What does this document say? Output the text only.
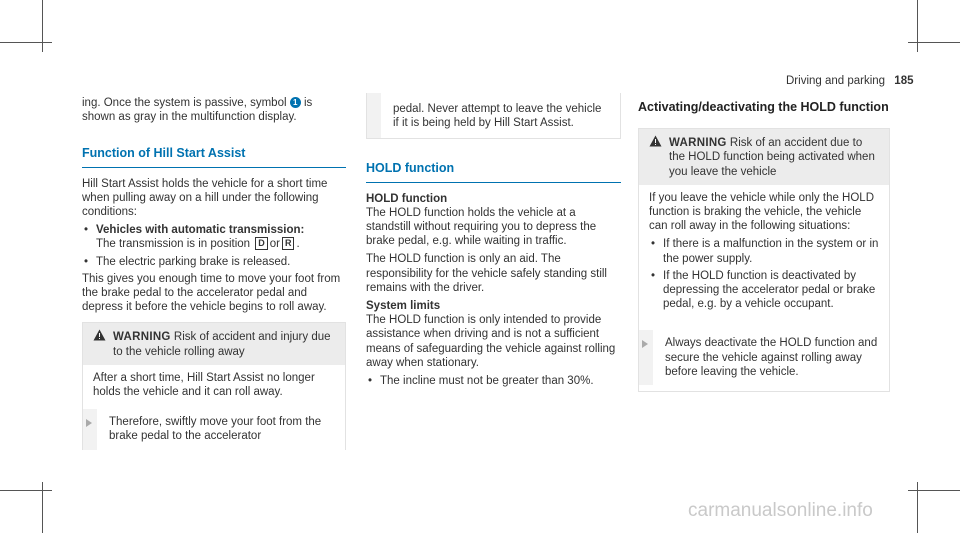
Driving and parking 185

ing. Once the system is passive, symbol 1 is shown as gray in the multifunction display.

Function of Hill Start Assist

Hill Start Assist holds the vehicle for a short time when pulling away on a hill under the following conditions:

• Vehicles with automatic transmission:
The transmission is in position D or R .
• The electric parking brake is released.

This gives you enough time to move your foot from the brake pedal to the accelerator pedal and depress it before the vehicle begins to roll away.

WARNING Risk of accident and injury due to the vehicle rolling away
After a short time, Hill Start Assist no longer holds the vehicle and it can roll away.
Therefore, swiftly move your foot from the brake pedal to the accelerator
pedal. Never attempt to leave the vehicle if it is being held by Hill Start Assist.
HOLD function

HOLD function

The HOLD function holds the vehicle at a standstill without requiring you to depress the brake pedal, e.g. while waiting in traffic.

The HOLD function is only an aid. The responsibility for the vehicle safely standing still remains with the driver.

System limits

The HOLD function is only intended to provide assistance when driving and is not a sufficient means of safeguarding the vehicle against rolling away when stationary.

• The incline must not be greater than 30%.
Activating/deactivating the HOLD function
WARNING Risk of an accident due to the HOLD function being activated when you leave the vehicle

If you leave the vehicle while only the HOLD function is braking the vehicle, the vehicle can roll away in the following situations:

• If there is a malfunction in the system or in the power supply.
• If the HOLD function is deactivated by depressing the accelerator pedal or brake pedal, e.g. by a vehicle occupant.
Always deactivate the HOLD function and secure the vehicle against rolling away before leaving the vehicle.
carmanualsonline.info
